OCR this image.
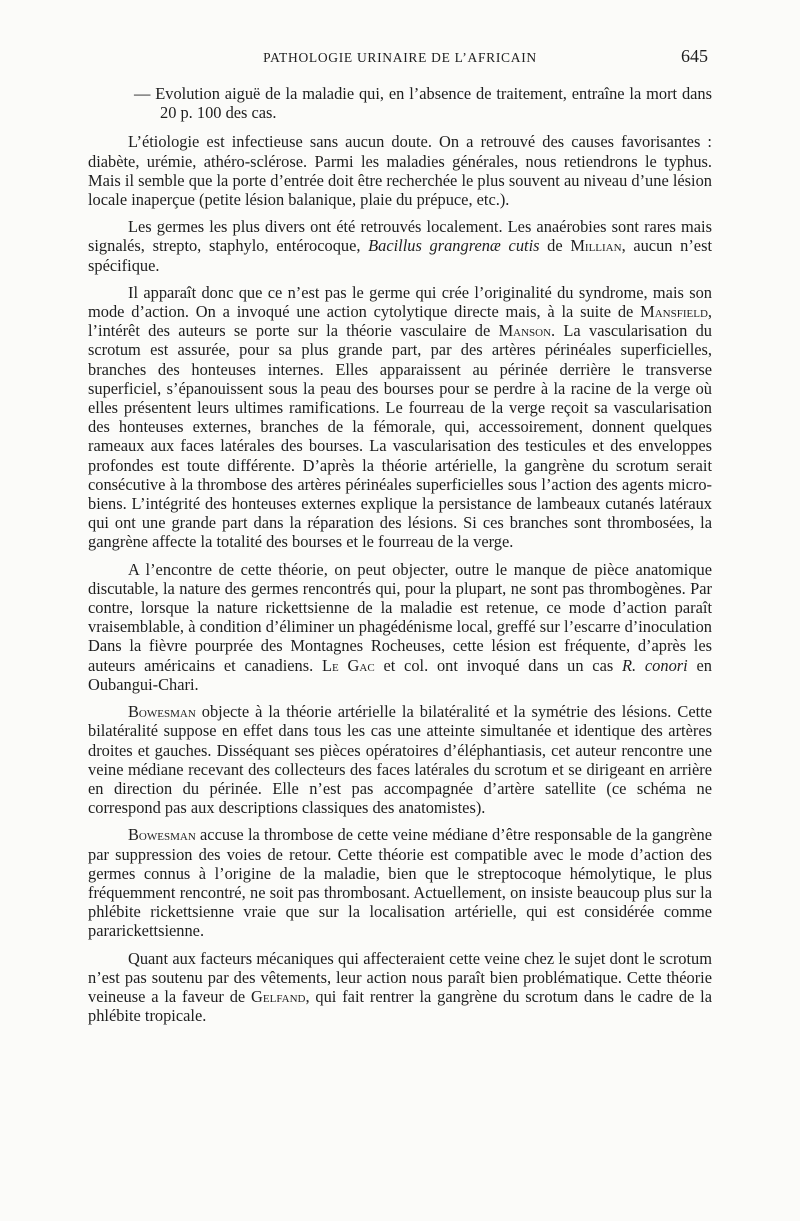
PATHOLOGIE URINAIRE DE L’AFRICAIN	645

— Evolution aiguë de la maladie qui, en l’absence de traitement, entraîne la mort dans 20 p. 100 des cas.

L’étiologie est infectieuse sans aucun doute. On a retrouvé des causes favorisantes : diabète, urémie, athéro-sclérose. Parmi les maladies générales, nous retiendrons le typhus. Mais il semble que la porte d’entrée doit être recherchée le plus souvent au niveau d’une lésion locale inaperçue (petite lésion balanique, plaie du prépuce, etc.).

Les germes les plus divers ont été retrouvés localement. Les anaérobies sont rares mais signalés, strepto, staphylo, entérocoque, Bacillus grangrenæ cutis de Millian, aucun n’est spécifique.

Il apparaît donc que ce n’est pas le germe qui crée l’originalité du syndrome, mais son mode d’action. On a invoqué une action cytolytique directe mais, à la suite de Mansfield, l’intérêt des auteurs se porte sur la théorie vasculaire de Manson. La vascularisation du scrotum est assurée, pour sa plus grande part, par des artères périnéales superficielles, branches des honteuses internes. Elles apparaissent au périnée derrière le transverse superficiel, s’épanouissent sous la peau des bourses pour se perdre à la racine de la verge où elles présentent leurs ultimes ramifications. Le fourreau de la verge reçoit sa vascularisation des honteuses externes, branches de la fémorale, qui, accessoirement, donnent quelques rameaux aux faces latérales des bourses. La vascularisation des testicules et des enveloppes profondes est toute différente. D’après la théorie artérielle, la gangrène du scrotum serait consécutive à la thrombose des artères périnéales superficielles sous l’action des agents microbiens. L’intégrité des honteuses externes explique la persistance de lambeaux cutanés latéraux qui ont une grande part dans la réparation des lésions. Si ces branches sont thrombosées, la gangrène affecte la totalité des bourses et le fourreau de la verge.

A l’encontre de cette théorie, on peut objecter, outre le manque de pièce anatomique discutable, la nature des germes rencontrés qui, pour la plupart, ne sont pas thrombogènes. Par contre, lorsque la nature rickettsienne de la maladie est retenue, ce mode d’action paraît vraisemblable, à condition d’éliminer un phagédénisme local, greffé sur l’escarre d’inoculation Dans la fièvre pourprée des Montagnes Rocheuses, cette lésion est fréquente, d’après les auteurs américains et canadiens. Le Gac et col. ont invoqué dans un cas R. conori en Oubangui-Chari.

Bowesman objecte à la théorie artérielle la bilatéralité et la symétrie des lésions. Cette bilatéralité suppose en effet dans tous les cas une atteinte simultanée et identique des artères droites et gauches. Disséquant ses pièces opératoires d’éléphantiasis, cet auteur rencontre une veine médiane recevant des collecteurs des faces latérales du scrotum et se dirigeant en arrière en direction du périnée. Elle n’est pas accompagnée d’artère satellite (ce schéma ne correspond pas aux descriptions classiques des anatomistes).

Bowesman accuse la thrombose de cette veine médiane d’être responsable de la gangrène par suppression des voies de retour. Cette théorie est compatible avec le mode d’action des germes connus à l’origine de la maladie, bien que le streptocoque hémolytique, le plus fréquemment rencontré, ne soit pas thrombosant. Actuellement, on insiste beaucoup plus sur la phlébite rickettsienne vraie que sur la localisation artérielle, qui est considérée comme pararickettsienne.

Quant aux facteurs mécaniques qui affecteraient cette veine chez le sujet dont le scrotum n’est pas soutenu par des vêtements, leur action nous paraît bien problématique. Cette théorie veineuse a la faveur de Gelfand, qui fait rentrer la gangrène du scrotum dans le cadre de la phlébite tropicale.
